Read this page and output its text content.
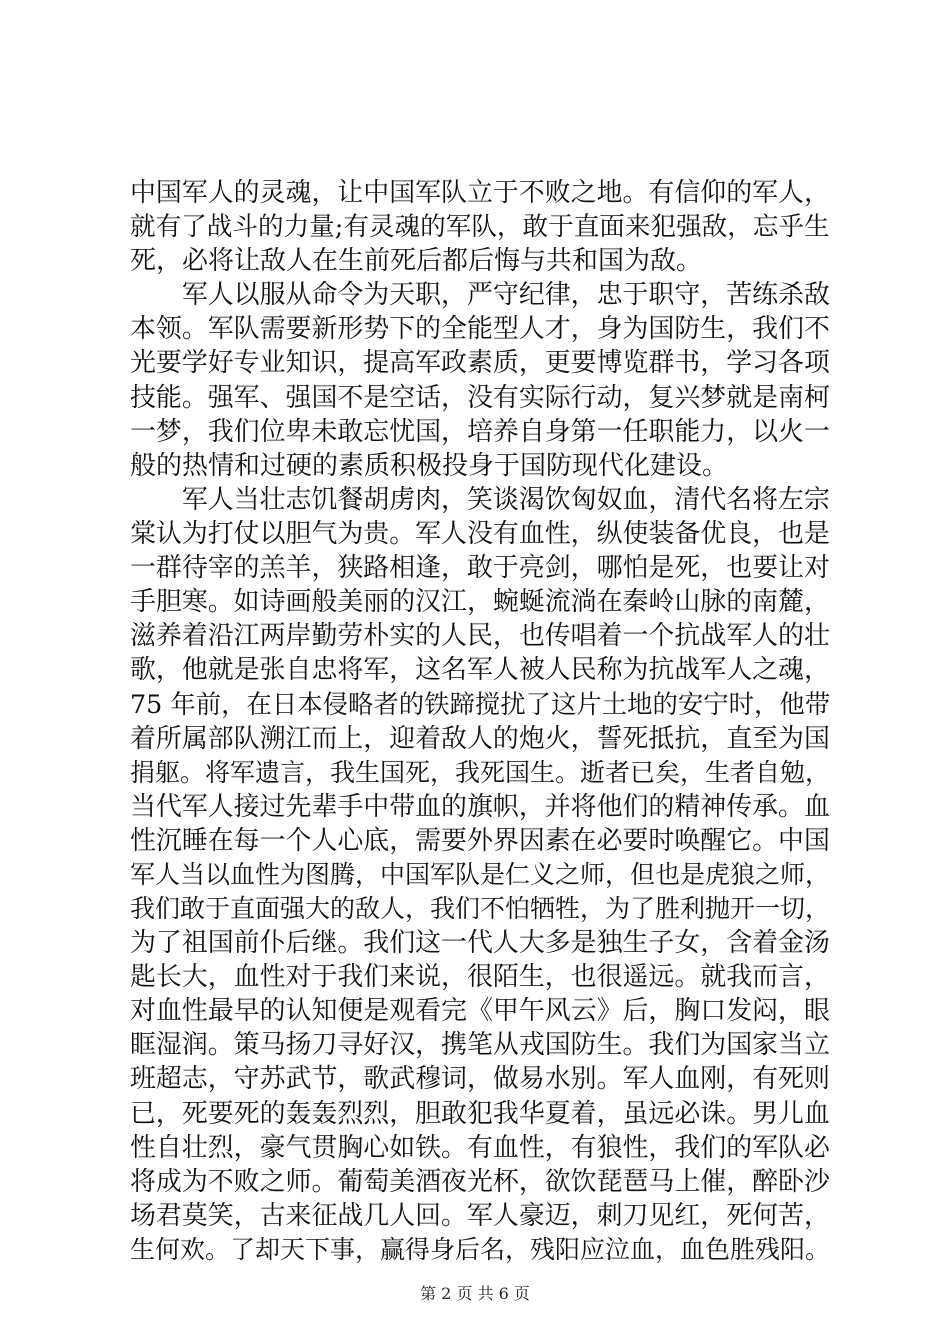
中国军人的灵魂，让中国军队立于不败之地。有信仰的军人，
就有了战斗的力量;有灵魂的军队，敢于直面来犯强敌，忘乎生
死，必将让敌人在生前死后都后悔与共和国为敌。
　　军人以服从命令为天职，严守纪律，忠于职守，苦练杀敌
本领。军队需要新形势下的全能型人才，身为国防生，我们不
光要学好专业知识，提高军政素质，更要博览群书，学习各项
技能。强军、强国不是空话，没有实际行动，复兴梦就是南柯
一梦，我们位卑未敢忘忧国，培养自身第一任职能力，以火一
般的热情和过硬的素质积极投身于国防现代化建设。
　　军人当壮志饥餐胡虏肉，笑谈渴饮匈奴血，清代名将左宗
棠认为打仗以胆气为贵。军人没有血性，纵使装备优良，也是
一群待宰的羔羊，狭路相逢，敢于亮剑，哪怕是死，也要让对
手胆寒。如诗画般美丽的汉江，蜿蜒流淌在秦岭山脉的南麓，
滋养着沿江两岸勤劳朴实的人民，也传唱着一个抗战军人的壮
歌，他就是张自忠将军，这名军人被人民称为抗战军人之魂，
75 年前，在日本侵略者的铁蹄搅扰了这片土地的安宁时，他带
着所属部队溯江而上，迎着敌人的炮火，誓死抵抗，直至为国
捐躯。将军遗言，我生国死，我死国生。逝者已矣，生者自勉，
当代军人接过先辈手中带血的旗帜，并将他们的精神传承。血
性沉睡在每一个人心底，需要外界因素在必要时唤醒它。中国
军人当以血性为图腾，中国军队是仁义之师，但也是虎狼之师，
我们敢于直面强大的敌人，我们不怕牺牲，为了胜利抛开一切，
为了祖国前仆后继。我们这一代人大多是独生子女，含着金汤
匙长大，血性对于我们来说，很陌生，也很遥远。就我而言，
对血性最早的认知便是观看完《甲午风云》后，胸口发闷，眼
眶湿润。策马扬刀寻好汉，携笔从戎国防生。我们为国家当立
班超志，守苏武节，歌武穆词，做易水别。军人血刚，有死则
已，死要死的轰轰烈烈，胆敢犯我华夏着，虽远必诛。男儿血
性自壮烈，豪气贯胸心如铁。有血性，有狼性，我们的军队必
将成为不败之师。葡萄美酒夜光杯，欲饮琵琶马上催，醉卧沙
场君莫笑，古来征战几人回。军人豪迈，刺刀见红，死何苦，
生何欢。了却天下事，赢得身后名，残阳应泣血，血色胜残阳。
第 2 页 共 6 页
